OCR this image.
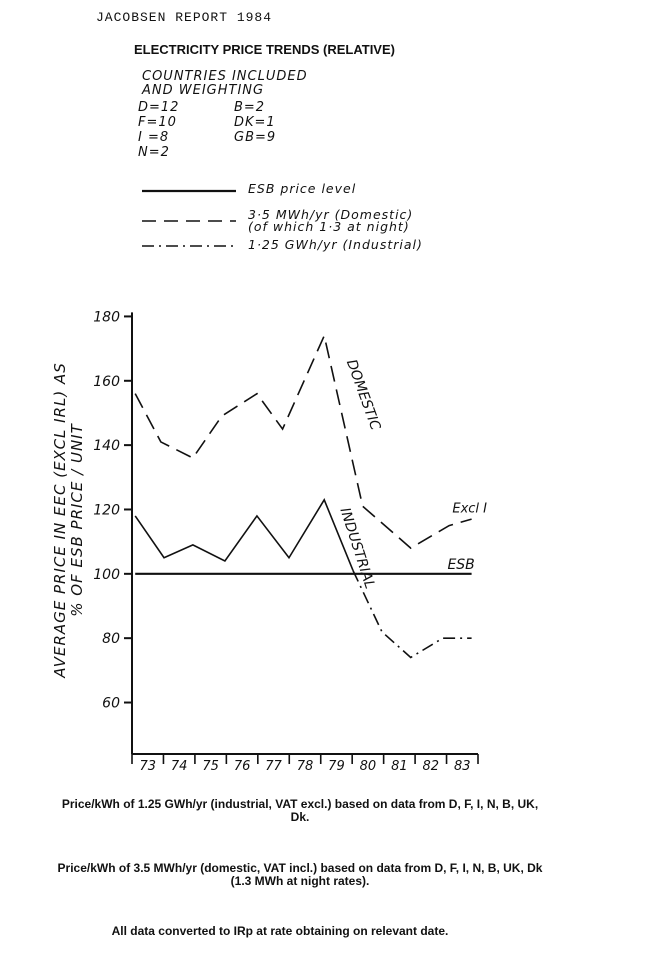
JACOBSEN REPORT 1984
ELECTRICITY PRICE TRENDS (RELATIVE)
COUNTRIES INCLUDED
AND WEIGHTING
D=12	B=2
F=10	DK=1
I =8	GB=9
N=2
ESB price level
3·5 MWh/yr (Domestic)
(of which 1·3 at night)
1·25 GWh/yr (Industrial)
AVERAGE PRICE IN EEC (EXCL IRL) AS % OF ESB PRICE / UNIT
60
80
100
120
140
160
180
73 74 75 76 77 78 79 80 81 82 83
DOMESTIC
INDUSTRIAL	ESB
Excl I
Price/kWh of 1.25 GWh/yr (industrial, VAT excl.) based on data from D, F, I, N, B, UK, Dk.
Price/kWh of 3.5 MWh/yr (domestic, VAT incl.) based on data from D, F, I, N, B, UK, Dk (1.3 MWh at night rates).
All data converted to IRp at rate obtaining on relevant date.
